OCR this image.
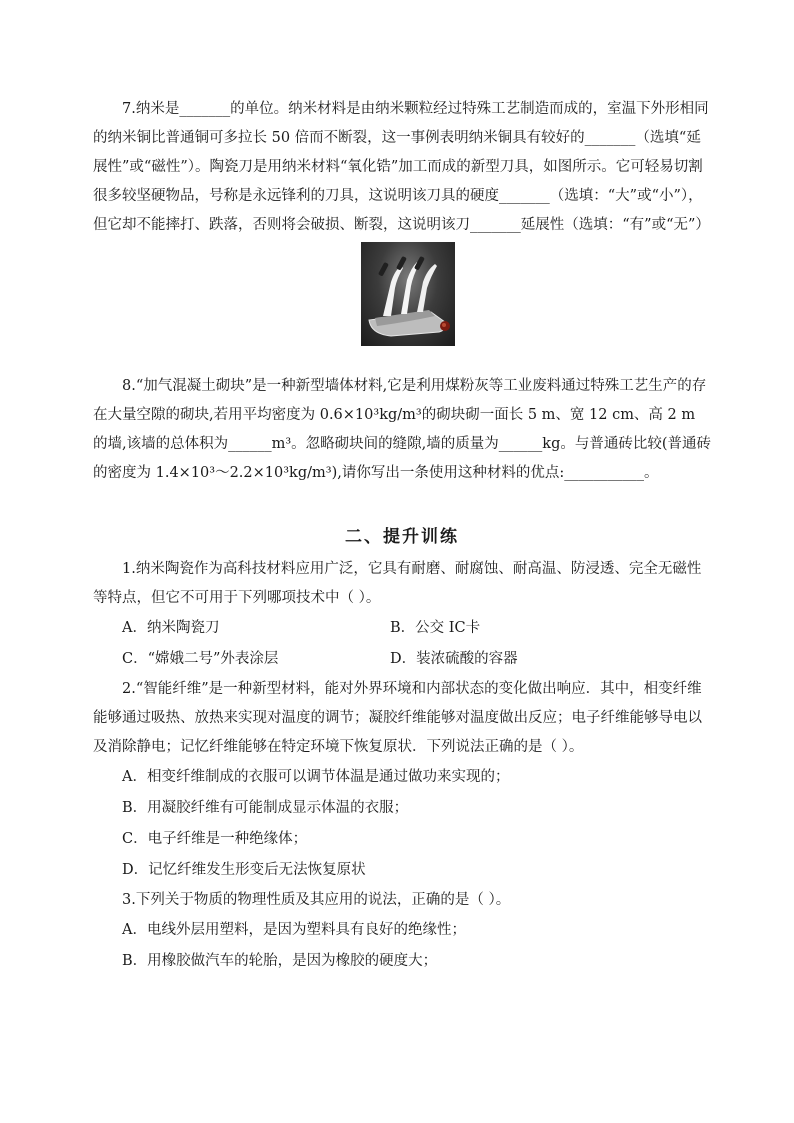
7.纳米是_______的单位。纳米材料是由纳米颗粒经过特殊工艺制造而成的，室温下外形相同的纳米铜比普通铜可多拉长 50 倍而不断裂，这一事例表明纳米铜具有较好的_______（选填“延展性”或“磁性”）。陶瓷刀是用纳米材料“氧化锆”加工而成的新型刀具，如图所示。它可轻易切割很多较坚硬物品，号称是永远锋利的刀具，这说明该刀具的硬度_______（选填：“大”或“小”），但它却不能摔打、跌落，否则将会破损、断裂，这说明该刀_______延展性（选填：“有”或“无”）

8.“加气混凝土砌块”是一种新型墙体材料,它是利用煤粉灰等工业废料通过特殊工艺生产的存在大量空隙的砌块,若用平均密度为 0.6×10³kg/m³的砌块砌一面长 5 m、宽 12 cm、高 2 m 的墙,该墙的总体积为______m³。忽略砌块间的缝隙,墙的质量为______kg。与普通砖比较(普通砖的密度为 1.4×10³～2.2×10³kg/m³),请你写出一条使用这种材料的优点:___________。

二、提升训练

1.纳米陶瓷作为高科技材料应用广泛，它具有耐磨、耐腐蚀、耐高温、防浸透、完全无磁性等特点，但它不可用于下列哪项技术中（ ）。

A．纳米陶瓷刀	B．公交 IC卡
C．“嫦娥二号”外表涂层	D．装浓硫酸的容器

2.“智能纤维”是一种新型材料，能对外界环境和内部状态的变化做出响应．其中，相变纤维能够通过吸热、放热来实现对温度的调节；凝胶纤维能够对温度做出反应；电子纤维能够导电以及消除静电；记忆纤维能够在特定环境下恢复原状．下列说法正确的是（ ）。

A．相变纤维制成的衣服可以调节体温是通过做功来实现的；

B．用凝胶纤维有可能制成显示体温的衣服；

C．电子纤维是一种绝缘体；

D．记忆纤维发生形变后无法恢复原状

3.下列关于物质的物理性质及其应用的说法，正确的是（ ）。

A．电线外层用塑料，是因为塑料具有良好的绝缘性；

B．用橡胶做汽车的轮胎，是因为橡胶的硬度大；
